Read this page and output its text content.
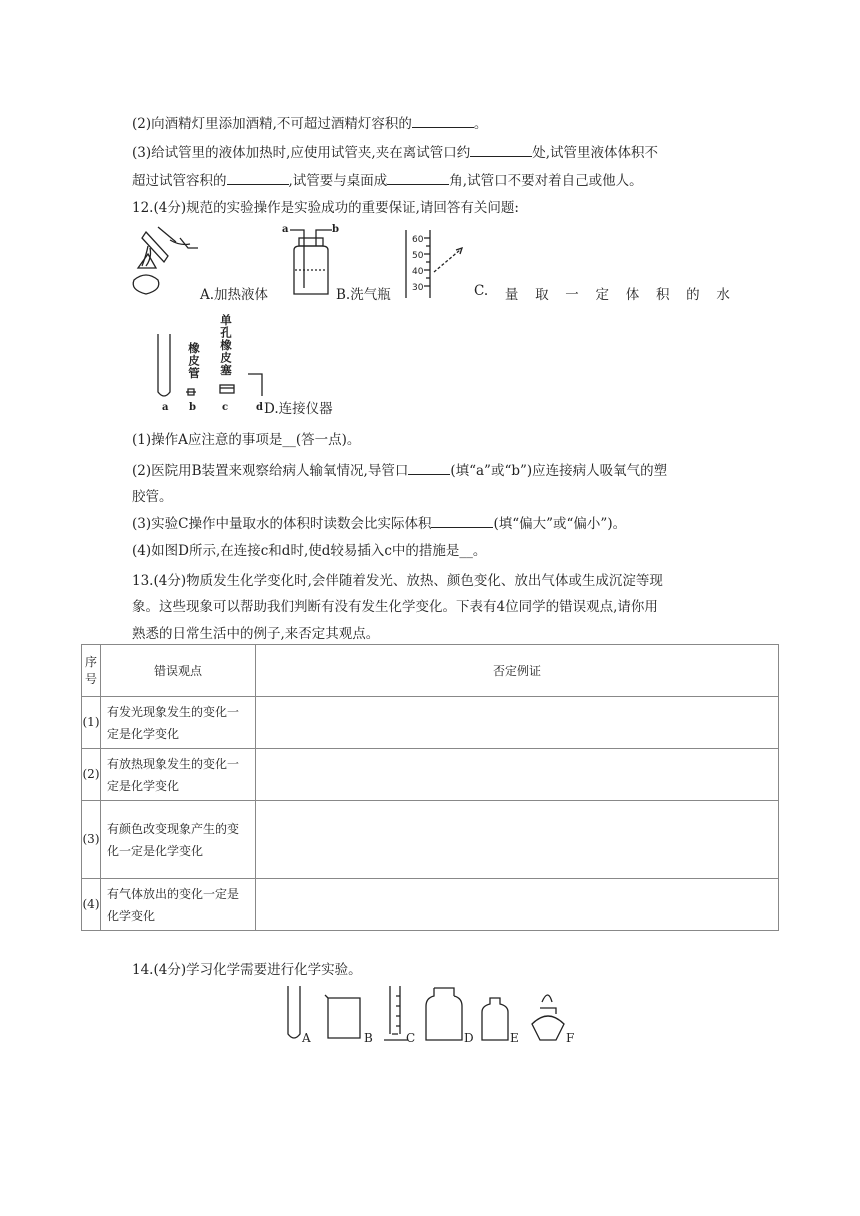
(2)向酒精灯里添加酒精,不可超过酒精灯容积的	。
(3)给试管里的液体加热时,应使用试管夹,夹在离试管口约	处,试管里液体体积不
超过试管容积的	,试管要与桌面成	角,试管口不要对着自己或他人。
12.(4分)规范的实验操作是实验成功的重要保证,请回答有关问题:
A.加热液体
a	b
B.洗气瓶
60
50
40
30	C. 量 取 一 定 体 积 的 水
橡皮管 单孔橡皮塞
a b	c	d D.连接仪器
(1)操作A应注意的事项是__(答一点)。
(2)医院用B装置来观察给病人输氧情况,导管口	(填“a”或“b”)应连接病人吸氧气的塑
胶管。
(3)实验C操作中量取水的体积时读数会比实际体积	(填“偏大”或“偏小”)。
(4)如图D所示,在连接c和d时,使d较易插入c中的措施是__。
13.(4分)物质发生化学变化时,会伴随着发光、放热、颜色变化、放出气体或生成沉淀等现
象。这些现象可以帮助我们判断有没有发生化学变化。下表有4位同学的错误观点,请你用
熟悉的日常生活中的例子,来否定其观点。
序号	错误观点	否定例证
(1)	有发光现象发生的变化一定是化学变化	
(2)	有放热现象发生的变化一定是化学变化	
(3)	有颜色改变现象产生的变化一定是化学变化	
(4)	有气体放出的变化一定是化学变化	
14.(4分)学习化学需要进行化学实验。
A	B	C	D	E	F
